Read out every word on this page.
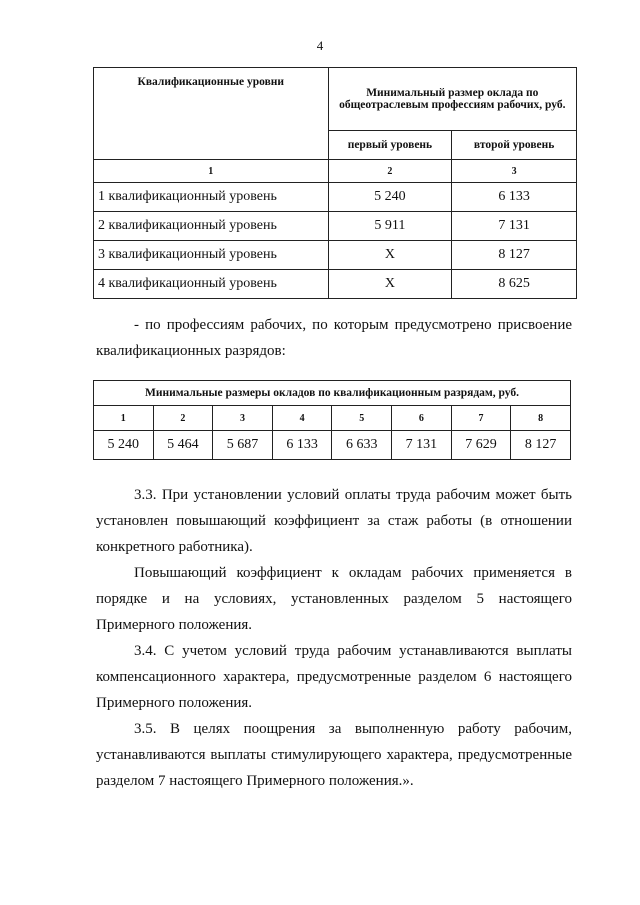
4
Квалификационные уровни	Минимальный размер оклада по общеотраслевым профессиям рабочих, руб.	
	первый уровень	второй уровень
1	2	3
1 квалификационный уровень	5 240	6 133
2 квалификационный уровень	5 911	7 131
3 квалификационный уровень	Х	8 127
4 квалификационный уровень	Х	8 625
- по профессиям рабочих, по которым предусмотрено присвоение квалификационных разрядов:
Минимальные размеры окладов по квалификационным разрядам, руб.							
1	2	3	4	5	6	7	8
5 240	5 464	5 687	6 133	6 633	7 131	7 629	8 127
3.3. При установлении условий оплаты труда рабочим может быть установлен повышающий коэффициент за стаж работы (в отношении конкретного работника).
Повышающий коэффициент к окладам рабочих применяется в порядке и на условиях, установленных разделом 5 настоящего Примерного положения.
3.4. С учетом условий труда рабочим устанавливаются выплаты компенсационного характера, предусмотренные разделом 6 настоящего Примерного положения.
3.5. В целях поощрения за выполненную работу рабочим, устанавливаются выплаты стимулирующего характера, предусмотренные разделом 7 настоящего Примерного положения.».
